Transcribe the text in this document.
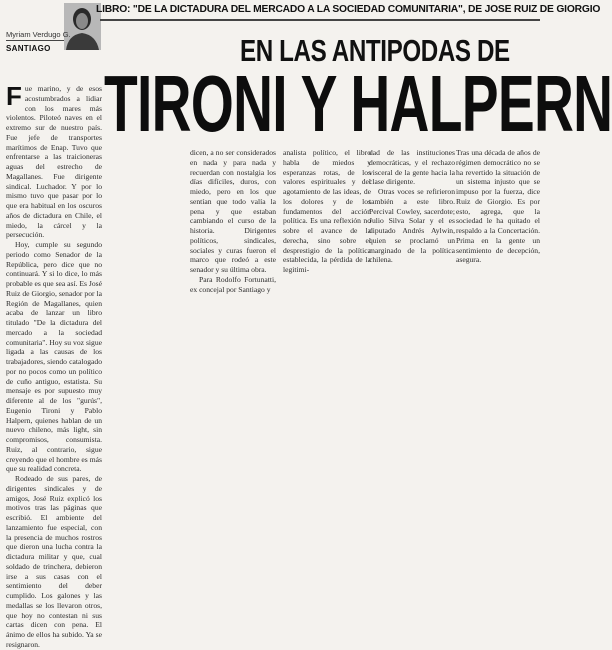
LIBRO: "DE LA DICTADURA DEL MERCADO A LA SOCIEDAD COMUNITARIA", DE JOSE RUIZ DE GIORGIO
Myriam Verdugo G.
SANTIAGO	EN LAS ANTIPODAS DE
TIRONI Y HALPERN

Fue marino, y de esos acostumbrados a lidiar con los mares más violentos. Piloteó naves en el extremo sur de nuestro país. Fue jefe de transportes marítimos de Enap. Tuvo que enfrentarse a las traicioneras aguas del estrecho de Magallanes. Fue dirigente sindical. Luchador. Y por lo mismo tuvo que pasar por lo que era habitual en los oscuros años de dictadura en Chile, el miedo, la cárcel y la persecución.

Hoy, cumple su segundo periodo como Senador de la República, pero dice que no continuará. Y si lo dice, lo más probable es que sea así. Es José Ruiz de Giorgio, senador por la Región de Magallanes, quien acaba de lanzar un libro titulado "De la dictadura del mercado a la sociedad comunitaria". Hoy su voz sigue ligada a las causas de los trabajadores, siendo catalogado por no pocos como un político de cuño antiguo, estatista. Su mensaje es por supuesto muy diferente al de los "gurús", Eugenio Tironi y Pablo Halpern, quienes hablan de un nuevo chileno, más light, sin compromisos, consumista. Ruiz, al contrario, sigue creyendo que el hombre es más que su realidad concreta.

Rodeado de sus pares, de dirigentes sindicales y de amigos, José Ruiz explicó los motivos tras las páginas que escribió. El ambiente del lanzamiento fue especial, con la presencia de muchos rostros que dieron una lucha contra la dictadura militar y que, cual soldado de trinchera, debieron irse a sus casas con el sentimiento del deber cumplido. Los galones y las medallas se los llevaron otros, que hoy no contestan ni sus cartas dicen con pena. El ánimo de ellos ha subido. Ya se resignaron.

dicen, a no ser considerados en nada y para nada y recuerdan con nostalgia los días difíciles, duros, con miedo, pero en los que sentían que todo valía la pena y que estaban cambiando el curso de la historia. Dirigentes políticos, sindicales, sociales y curas fueron el marco que rodeó a este senador y su última obra.

Para Rodolfo Fortunatti, ex concejal por Santiago y

analista político, el libro habla de miedos y esperanzas rotas, de los valores espirituales y del agotamiento de las ideas, de los dolores y de los fundamentos del acción política. Es una reflexión no sobre el avance de la derecha, sino sobre el desprestigio de la política establecida, la pérdida de la legitimi-

dad de las instituciones democráticas, y el rechazo visceral de la gente hacia la clase dirigente.

Otras voces se refirieron también a este libro. Percival Cowley, sacerdote; Julio Silva Solar y el es diputado Andrés Aylwin, quien se proclamó un marginado de la política chilena.

Tras una década de años de régimen democrático no se ha revertido la situación de un sistema injusto que se impuso por la fuerza, dice Ruiz de Giorgio. Es por esto, agrega, que la sociedad le ha quitado el respaldo a la Concertación. Prima en la gente un sentimiento de decepción, asegura.
